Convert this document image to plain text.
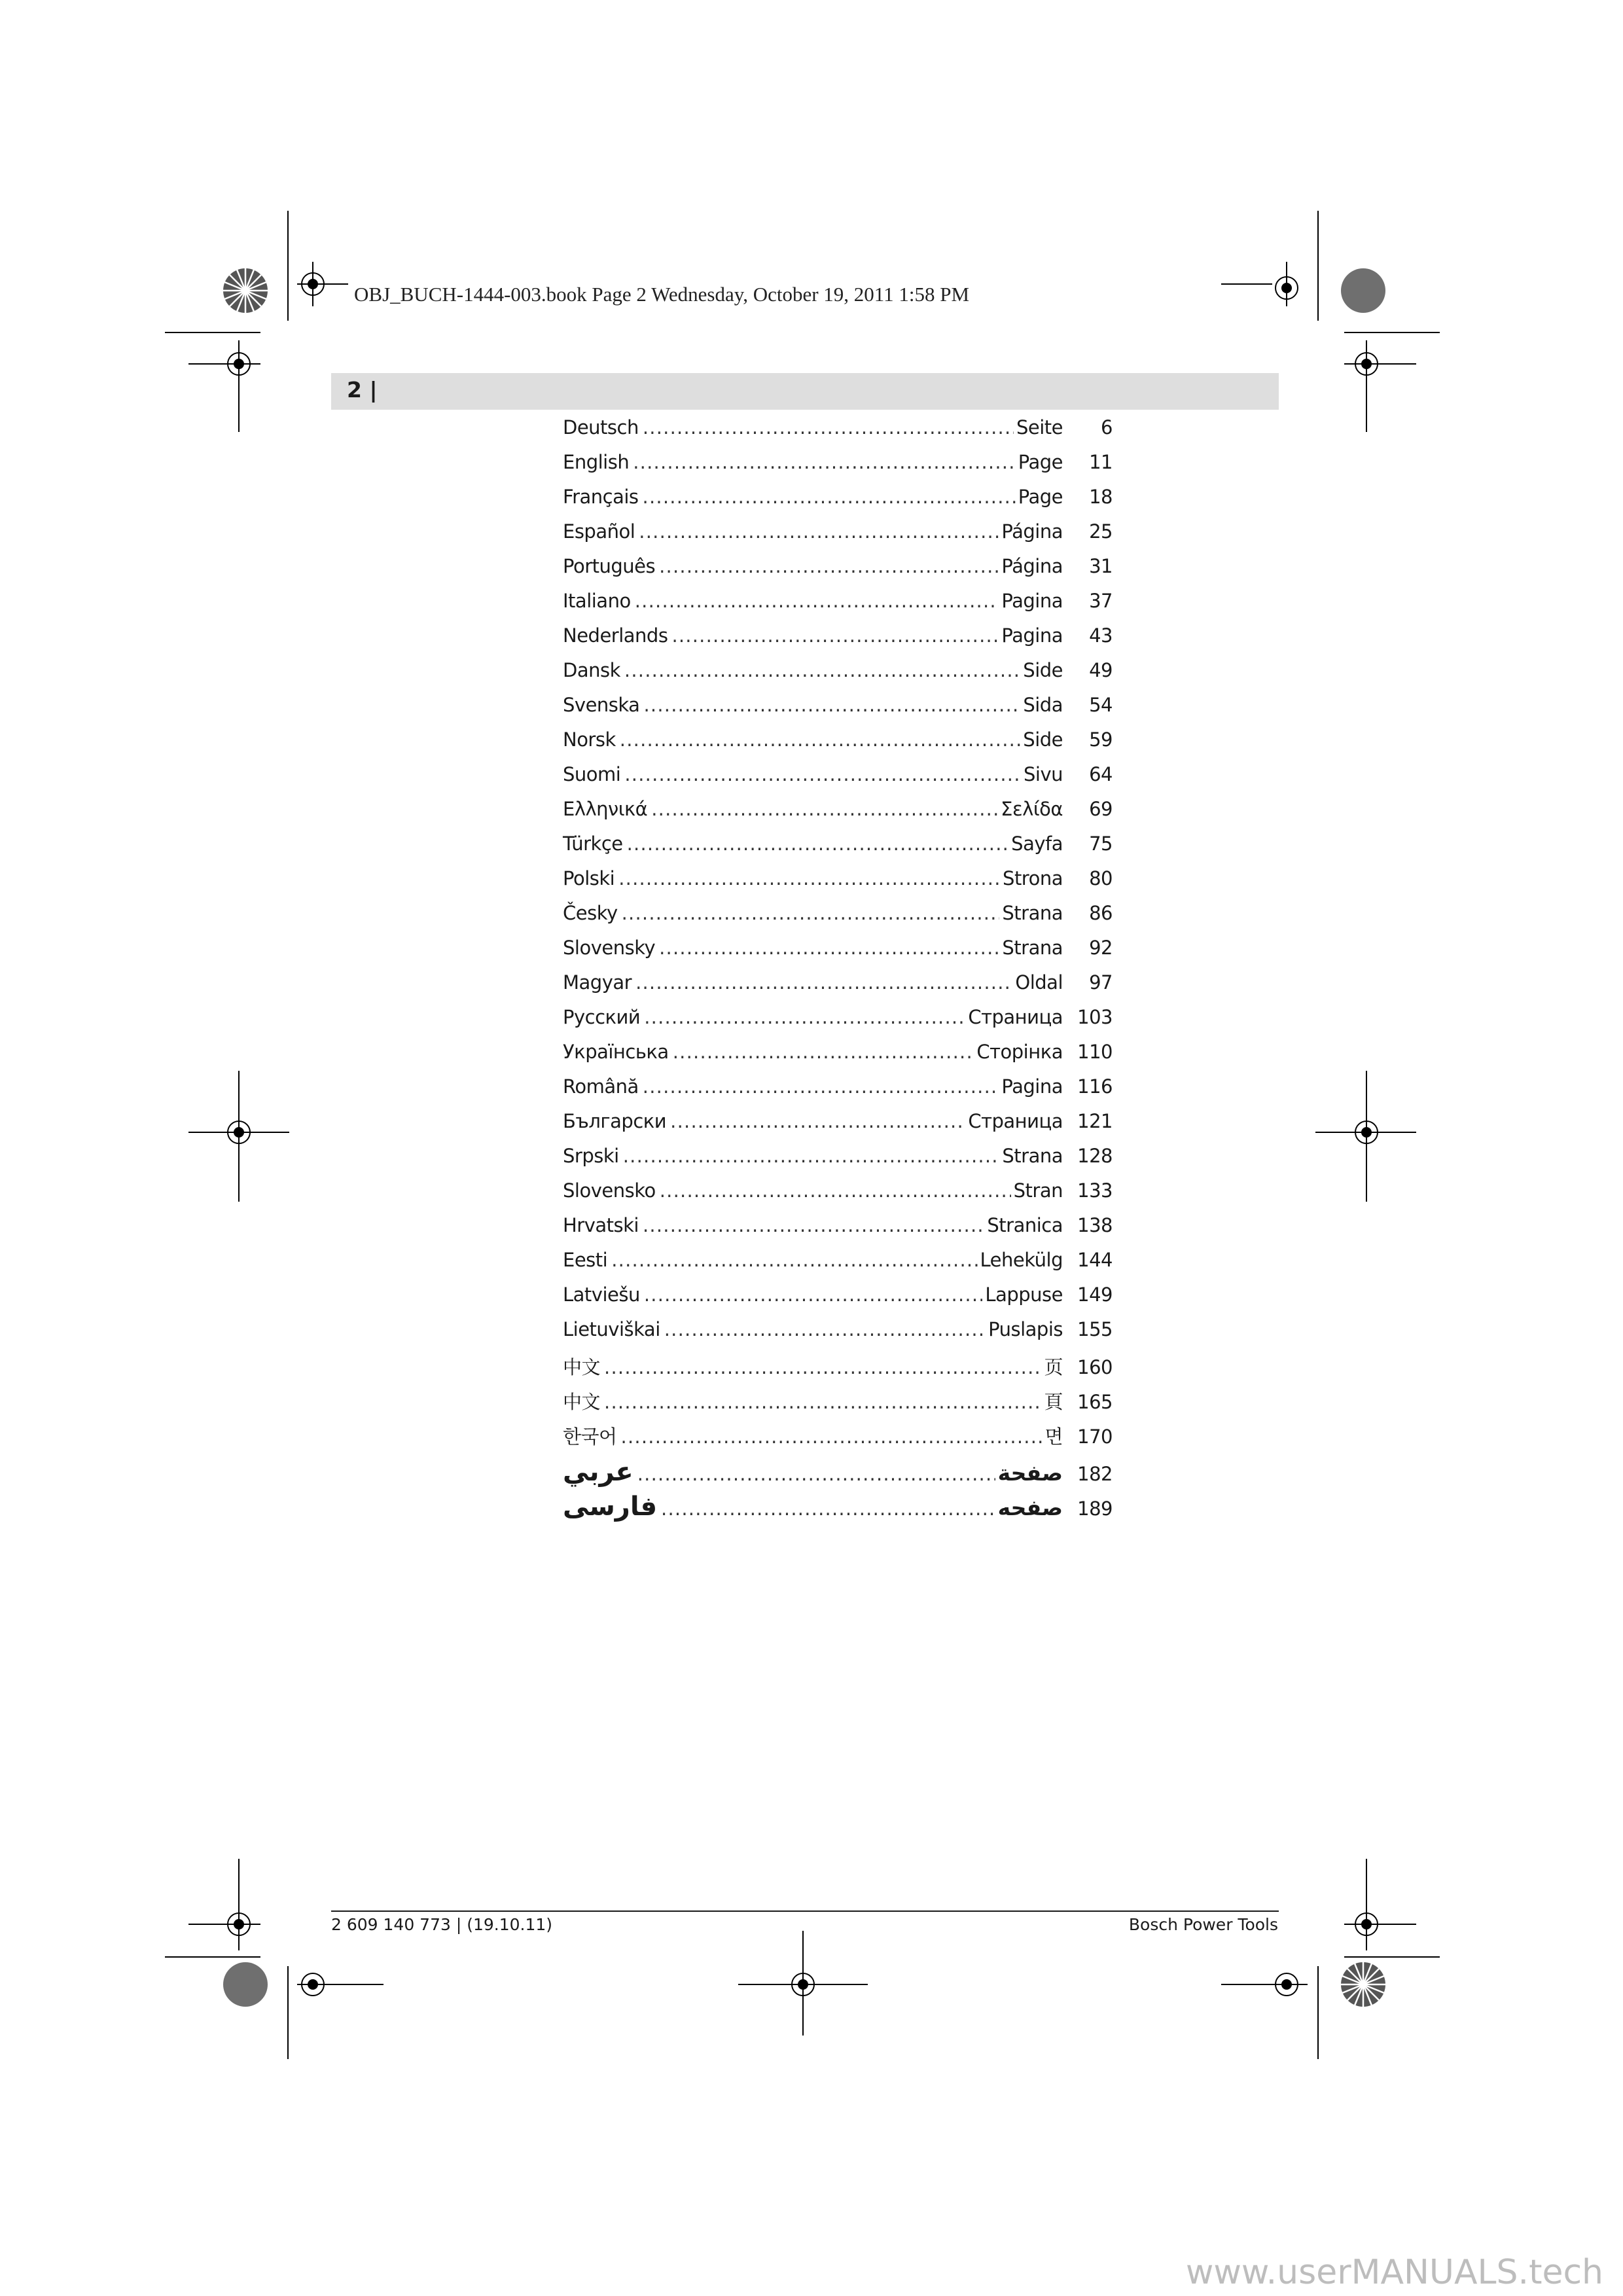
OBJ_BUCH-1444-003.book Page 2 Wednesday, October 19, 2011 1:58 PM
2 |
Deutsch . . .	Seite	6
English . . .	Page	11
Français . . .	Page	18
Español . . .	Página	25
Português . . .	Página	31
Italiano . . .	Pagina	37
Nederlands . . .	Pagina	43
Dansk . . .	Side	49
Svenska . . .	Sida	54
Norsk . . .	Side	59
Suomi . . .	Sivu	64
Ελληνικά . . .	Σελίδα	69
Türkçe . . .	Sayfa	75
Polski . . .	Strona	80
Česky . . .	Strana	86
Slovensky . . .	Strana	92
Magyar . . .	Oldal	97
Русский . . .	Страница 103
Українська . . .	Сторінка 110
Română . . .	Pagina 116
Български . . .	Страница 121
Srpski . . .	Strana 128
Slovensko . . .	Stran 133
Hrvatski . . .	Stranica 138
Eesti . . .	Lehekülg 144
Latviešu . . .	Lappuse 149
Lietuviškai . . .	Puslapis 155
中文 . . .	页 160
中文 . . .	頁 165
한국어 . . .	면 170
عربي . . .	صفحة 182
فارسی . . .	صفحه 189
2 609 140 773 | (19.10.11)	Bosch Power Tools
www.userMANUALS.tech
